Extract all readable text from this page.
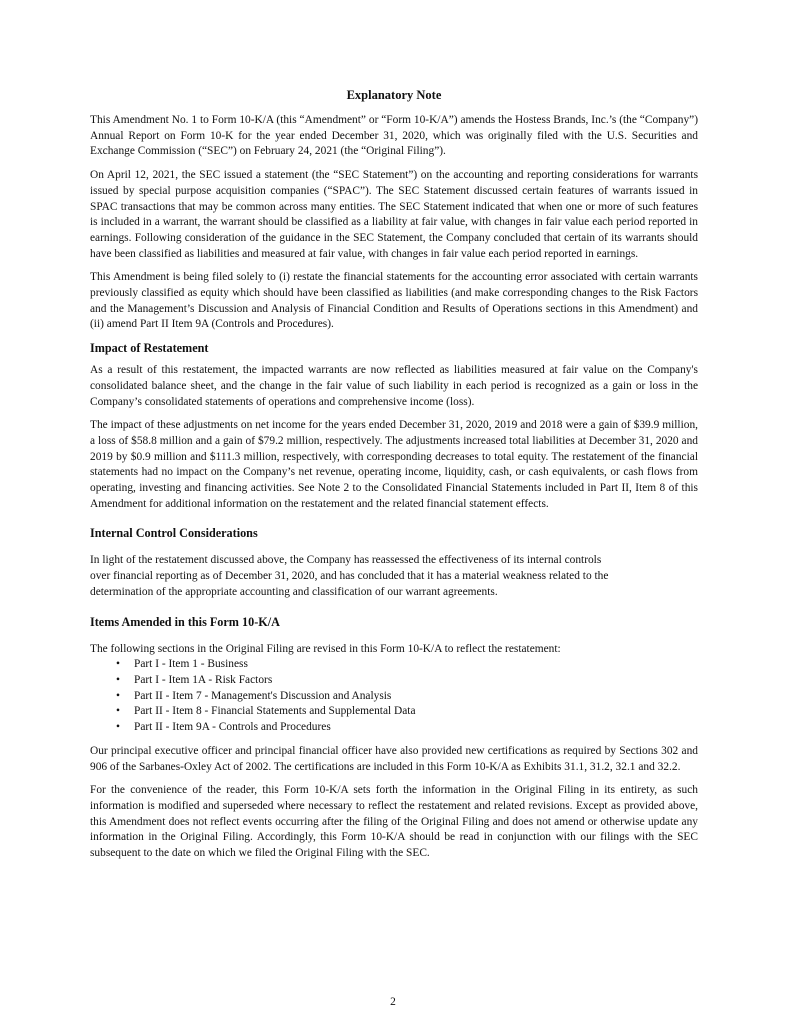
Explanatory Note

This Amendment No. 1 to Form 10-K/A (this “Amendment” or “Form 10-K/A”) amends the Hostess Brands, Inc.’s (the “Company”) Annual Report on Form 10-K for the year ended December 31, 2020, which was originally filed with the U.S. Securities and Exchange Commission (“SEC”) on February 24, 2021 (the “Original Filing”).

On April 12, 2021, the SEC issued a statement (the “SEC Statement”) on the accounting and reporting considerations for warrants issued by special purpose acquisition companies (“SPAC”). The SEC Statement discussed certain features of warrants issued in SPAC transactions that may be common across many entities. The SEC Statement indicated that when one or more of such features is included in a warrant, the warrant should be classified as a liability at fair value, with changes in fair value each period reported in earnings. Following consideration of the guidance in the SEC Statement, the Company concluded that certain of its warrants should have been classified as liabilities and measured at fair value, with changes in fair value each period reported in earnings.

This Amendment is being filed solely to (i) restate the financial statements for the accounting error associated with certain warrants previously classified as equity which should have been classified as liabilities (and make corresponding changes to the Risk Factors and the Management’s Discussion and Analysis of Financial Condition and Results of Operations sections in this Amendment) and (ii) amend Part II Item 9A (Controls and Procedures).

Impact of Restatement

As a result of this restatement, the impacted warrants are now reflected as liabilities measured at fair value on the Company's consolidated balance sheet, and the change in the fair value of such liability in each period is recognized as a gain or loss in the Company’s consolidated statements of operations and comprehensive income (loss).

The impact of these adjustments on net income for the years ended December 31, 2020, 2019 and 2018 were a gain of $39.9 million, a loss of $58.8 million and a gain of $79.2 million, respectively. The adjustments increased total liabilities at December 31, 2020 and 2019 by $0.9 million and $111.3 million, respectively, with corresponding decreases to total equity. The restatement of the financial statements had no impact on the Company’s net revenue, operating income, liquidity, cash, or cash equivalents, or cash flows from operating, investing and financing activities. See Note 2 to the Consolidated Financial Statements included in Part II, Item 8 of this Amendment for additional information on the restatement and the related financial statement effects.

Internal Control Considerations

In light of the restatement discussed above, the Company has reassessed the effectiveness of its internal controls
over financial reporting as of December 31, 2020, and has concluded that it has a material weakness related to the
determination of the appropriate accounting and classification of our warrant agreements.

Items Amended in this Form 10-K/A

The following sections in the Original Filing are revised in this Form 10-K/A to reflect the restatement:

• Part I - Item 1 - Business
• Part I - Item 1A - Risk Factors
• Part II - Item 7 - Management's Discussion and Analysis
• Part II - Item 8 - Financial Statements and Supplemental Data
• Part II - Item 9A - Controls and Procedures

Our principal executive officer and principal financial officer have also provided new certifications as required by Sections 302 and 906 of the Sarbanes-Oxley Act of 2002. The certifications are included in this Form 10-K/A as Exhibits 31.1, 31.2, 32.1 and 32.2.

For the convenience of the reader, this Form 10-K/A sets forth the information in the Original Filing in its entirety, as such information is modified and superseded where necessary to reflect the restatement and related revisions. Except as provided above, this Amendment does not reflect events occurring after the filing of the Original Filing and does not amend or otherwise update any information in the Original Filing. Accordingly, this Form 10-K/A should be read in conjunction with our filings with the SEC subsequent to the date on which we filed the Original Filing with the SEC.

2
